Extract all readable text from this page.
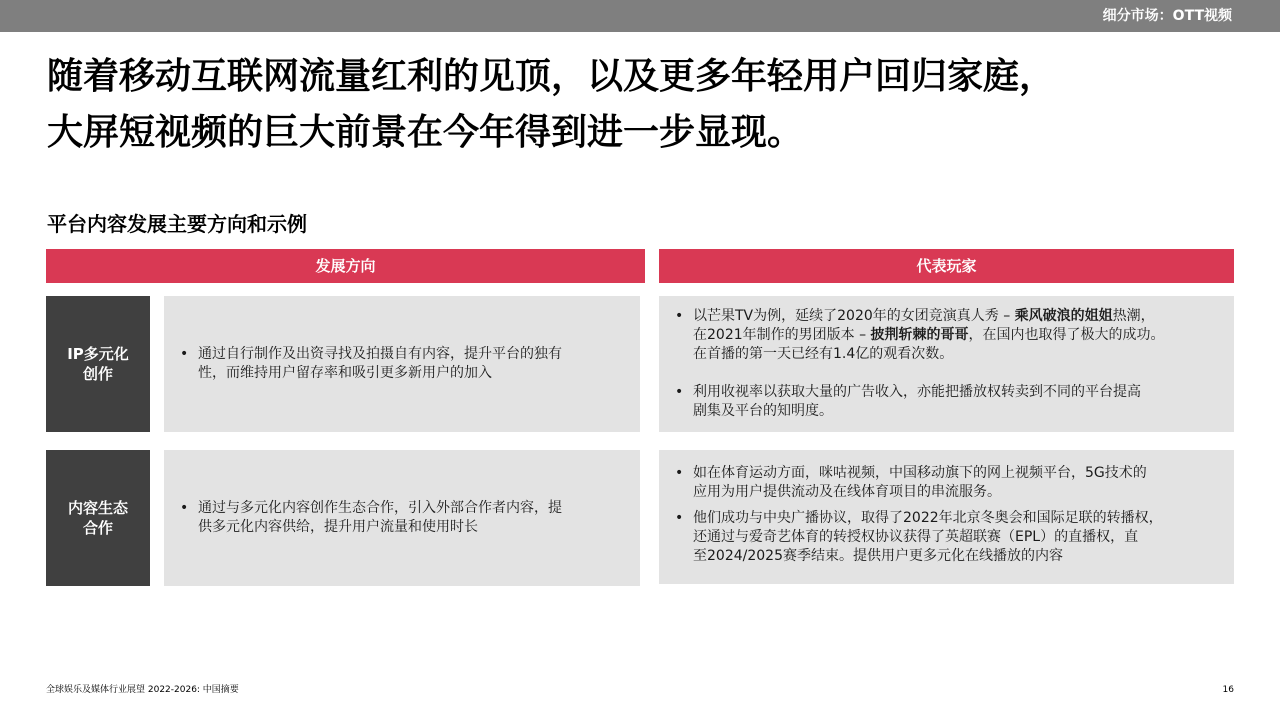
细分市场：OTT视频
随着移动互联网流量红利的见顶，以及更多年轻用户回归家庭，
大屏短视频的巨大前景在今年得到进一步显现。
平台内容发展主要方向和示例
发展方向	代表玩家
IP多元化
创作
• 通过自行制作及出资寻找及拍摄自有内容，提升平台的独有
性，而维持用户留存率和吸引更多新用户的加入
• 以芒果TV为例，延续了2020年的女团竞演真人秀 – 乘风破浪的姐姐热潮，
在2021年制作的男团版本 – 披荆斩棘的哥哥，在国内也取得了极大的成功。
在首播的第一天已经有1.4亿的观看次数。
• 利用收视率以获取大量的广告收入，亦能把播放权转卖到不同的平台提高
剧集及平台的知明度。
内容生态
合作
• 通过与多元化内容创作生态合作，引入外部合作者内容，提
供多元化内容供给，提升用户流量和使用时长
• 如在体育运动方面，咪咕视频，中国移动旗下的网上视频平台，5G技术的
应用为用户提供流动及在线体育项目的串流服务。
• 他们成功与中央广播协议，取得了2022年北京冬奥会和国际足联的转播权，
还通过与爱奇艺体育的转授权协议获得了英超联赛（EPL）的直播权，直
至2024/2025赛季结束。提供用户更多元化在线播放的内容
全球娱乐及媒体行业展望 2022-2026: 中国摘要	16
